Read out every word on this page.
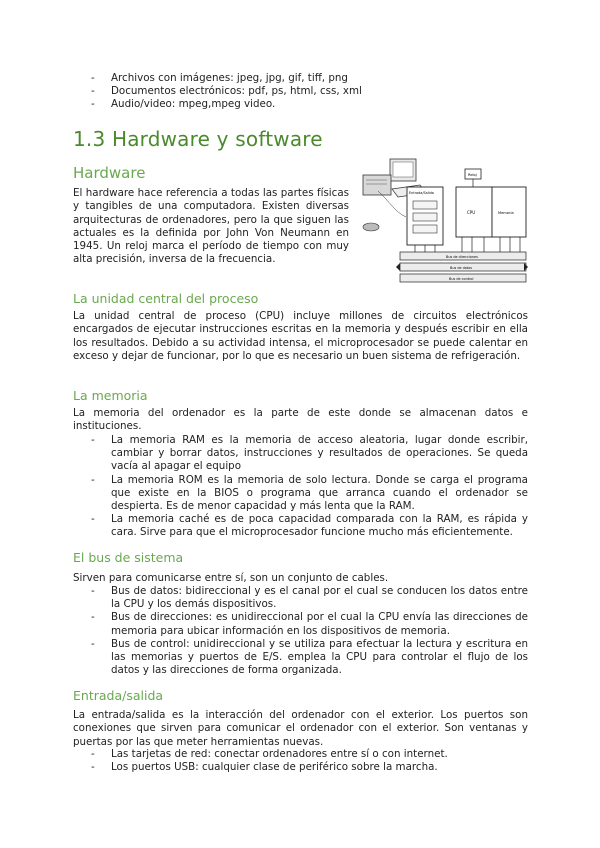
- Archivos con imágenes: jpeg, jpg, gif, tiff, png
- Documentos electrónicos: pdf, ps, html, css, xml
- Audio/video: mpeg,mpeg video.
1.3 Hardware y software
Hardware

El hardware hace referencia a todas las partes físicas y tangibles de una computadora. Existen diversas arquitecturas de ordenadores, pero la que siguen las actuales es la definida por John Von Neumann en 1945. Un reloj marca el período de tiempo con muy alta precisión, inversa de la frecuencia.

Entrada/Salida
Reloj
CPU	Memoria
Bus de direcciones
Bus de datos
Bus de control
La unidad central del proceso

La unidad central de proceso (CPU) incluye millones de circuitos electrónicos encargados de ejecutar instrucciones escritas en la memoria y después escribir en ella los resultados. Debido a su actividad intensa, el microprocesador se puede calentar en exceso y dejar de funcionar, por lo que es necesario un buen sistema de refrigeración.

La memoria

La memoria del ordenador es la parte de este donde se almacenan datos e instituciones.

- La memoria RAM es la memoria de acceso aleatoria, lugar donde escribir, cambiar y borrar datos, instrucciones y resultados de operaciones. Se queda vacía al apagar el equipo
- La memoria ROM es la memoria de solo lectura. Donde se carga el programa que existe en la BIOS o programa que arranca cuando el ordenador se despierta. Es de menor capacidad y más lenta que la RAM.
- La memoria caché es de poca capacidad comparada con la RAM, es rápida y cara. Sirve para que el microprocesador funcione mucho más eficientemente.
El bus de sistema

Sirven para comunicarse entre sí, son un conjunto de cables.

- Bus de datos: bidireccional y es el canal por el cual se conducen los datos entre la CPU y los demás dispositivos.
- Bus de direcciones: es unidireccional por el cual la CPU envía las direcciones de memoria para ubicar información en los dispositivos de memoria.
- Bus de control: unidireccional y se utiliza para efectuar la lectura y escritura en las memorias y puertos de E/S. emplea la CPU para controlar el flujo de los datos y las direcciones de forma organizada.
Entrada/salida

La entrada/salida es la interacción del ordenador con el exterior. Los puertos son conexiones que sirven para comunicar el ordenador con el exterior. Son ventanas y puertas por las que meter herramientas nuevas.

- Las tarjetas de red: conectar ordenadores entre sí o con internet.
- Los puertos USB: cualquier clase de periférico sobre la marcha.
